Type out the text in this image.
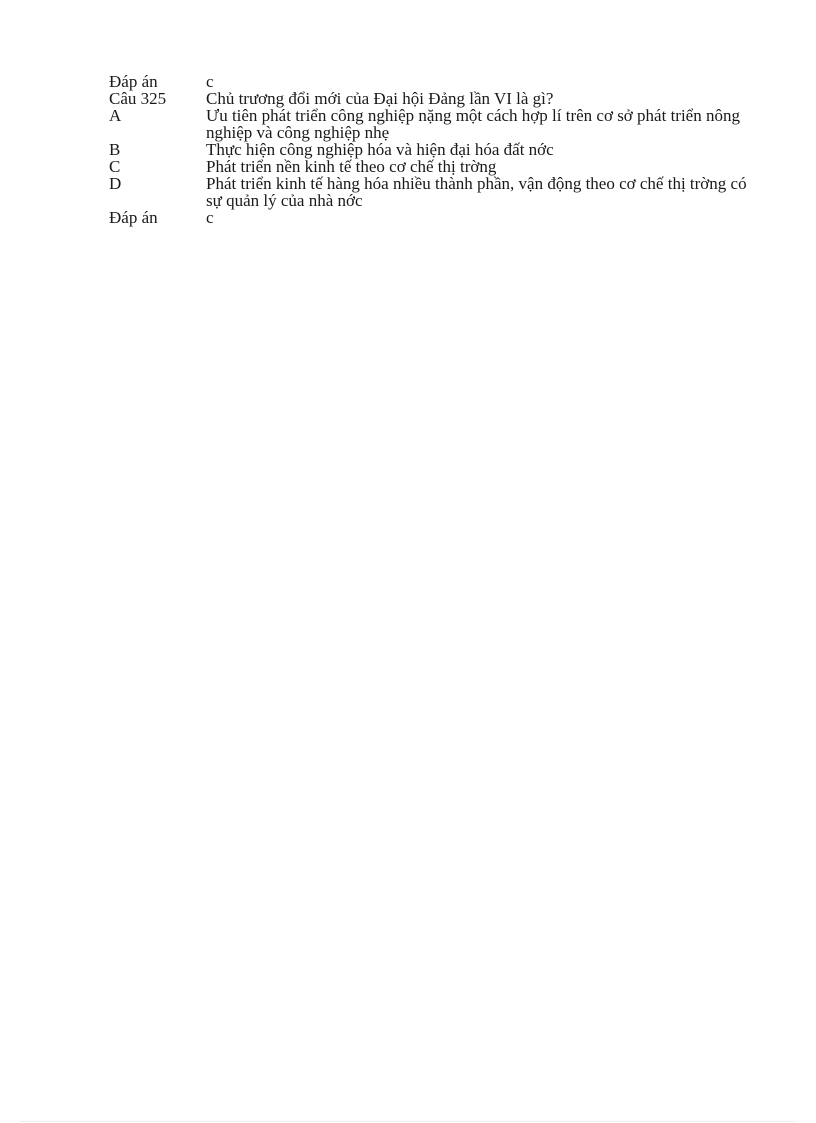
Đáp án	c
Câu 325	Chủ trương đổi mới của Đại hội Đảng lần VI là gì?
A	Ưu tiên phát triển công nghiệp nặng một cách hợp lí trên cơ sở phát triển nông nghiệp và công nghiệp nhẹ
B	Thực hiện công nghiệp hóa và hiện đại hóa đất nớc
C	Phát triển nền kinh tế theo cơ chế thị trờng
D	Phát triển kinh tế hàng hóa nhiều thành phần, vận động theo cơ chế thị trờng có sự quản lý của nhà nớc
Đáp án	c
